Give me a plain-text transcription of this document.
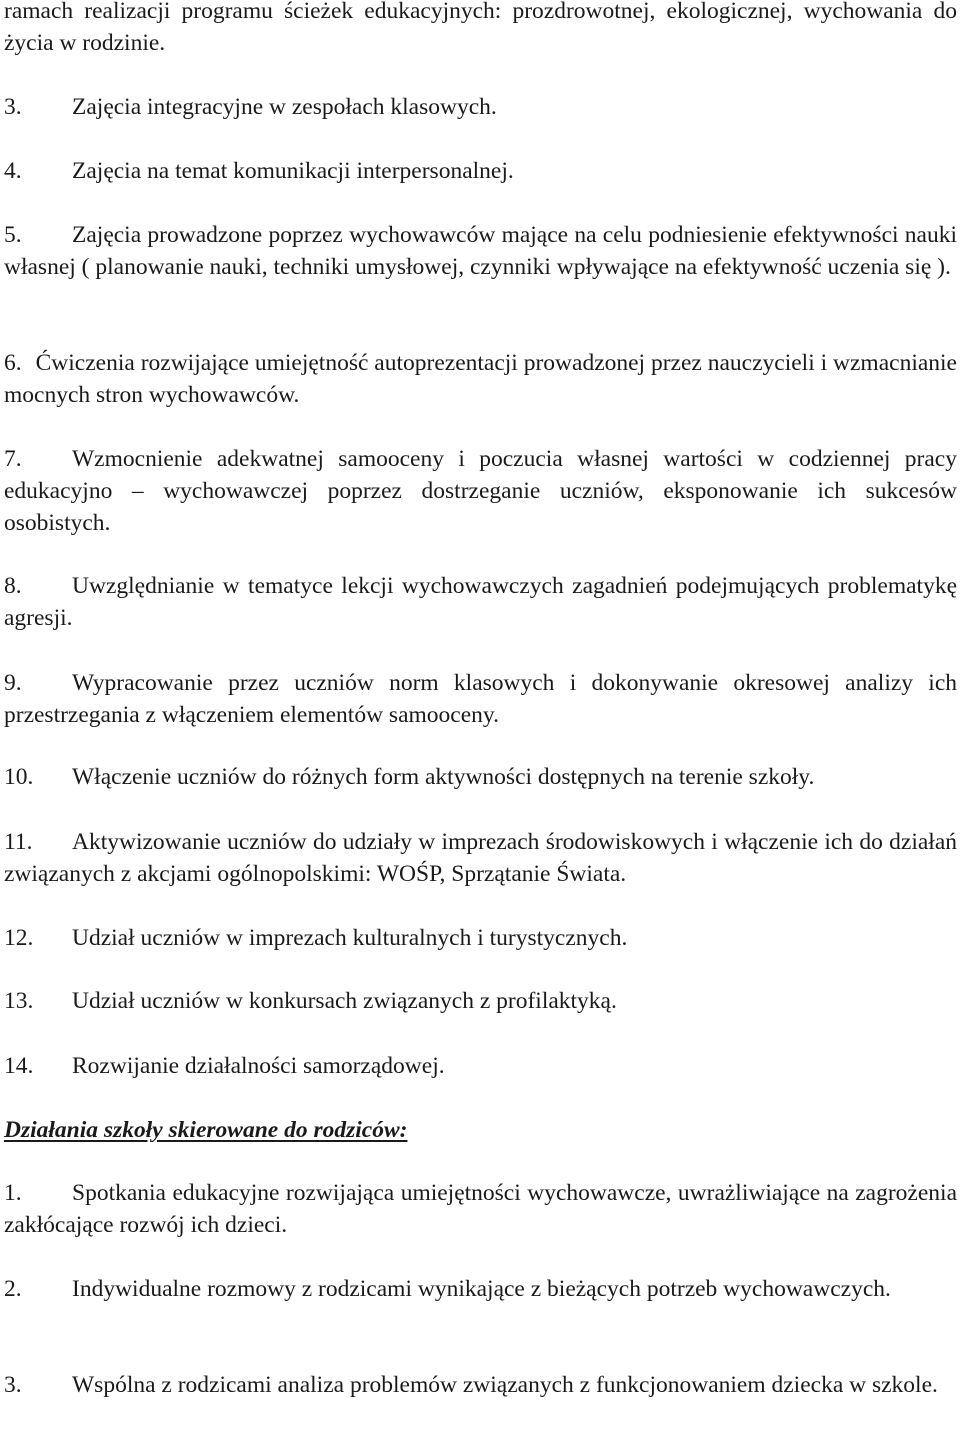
ramach realizacji programu ścieżek edukacyjnych: prozdrowotnej, ekologicznej, wychowania do życia w rodzinie.

3. Zajęcia integracyjne w zespołach klasowych.

4. Zajęcia na temat komunikacji interpersonalnej.

5. Zajęcia prowadzone poprzez wychowawców mające na celu podniesienie efektywności nauki własnej ( planowanie nauki, techniki umysłowej, czynniki wpływające na efektywność uczenia się ).

6. Ćwiczenia rozwijające umiejętność autoprezentacji prowadzonej przez nauczycieli i wzmacnianie mocnych stron wychowawców.

7. Wzmocnienie adekwatnej samooceny i poczucia własnej wartości w codziennej pracy edukacyjno – wychowawczej poprzez dostrzeganie uczniów, eksponowanie ich sukcesów osobistych.

8. Uwzględnianie w tematyce lekcji wychowawczych zagadnień podejmujących problematykę agresji.

9. Wypracowanie przez uczniów norm klasowych i dokonywanie okresowej analizy ich przestrzegania z włączeniem elementów samooceny.

10. Włączenie uczniów do różnych form aktywności dostępnych na terenie szkoły.

11. Aktywizowanie uczniów do udziały w imprezach środowiskowych i włączenie ich do działań związanych z akcjami ogólnopolskimi: WOŚP, Sprzątanie Świata.

12. Udział uczniów w imprezach kulturalnych i turystycznych.

13. Udział uczniów w konkursach związanych z profilaktyką.

14. Rozwijanie działalności samorządowej.

Działania szkoły skierowane do rodziców:

1. Spotkania edukacyjne rozwijająca umiejętności wychowawcze, uwrażliwiające na zagrożenia zakłócające rozwój ich dzieci.

2. Indywidualne rozmowy z rodzicami wynikające z bieżących potrzeb wychowawczych.

3. Wspólna z rodzicami analiza problemów związanych z funkcjonowaniem dziecka w szkole.
